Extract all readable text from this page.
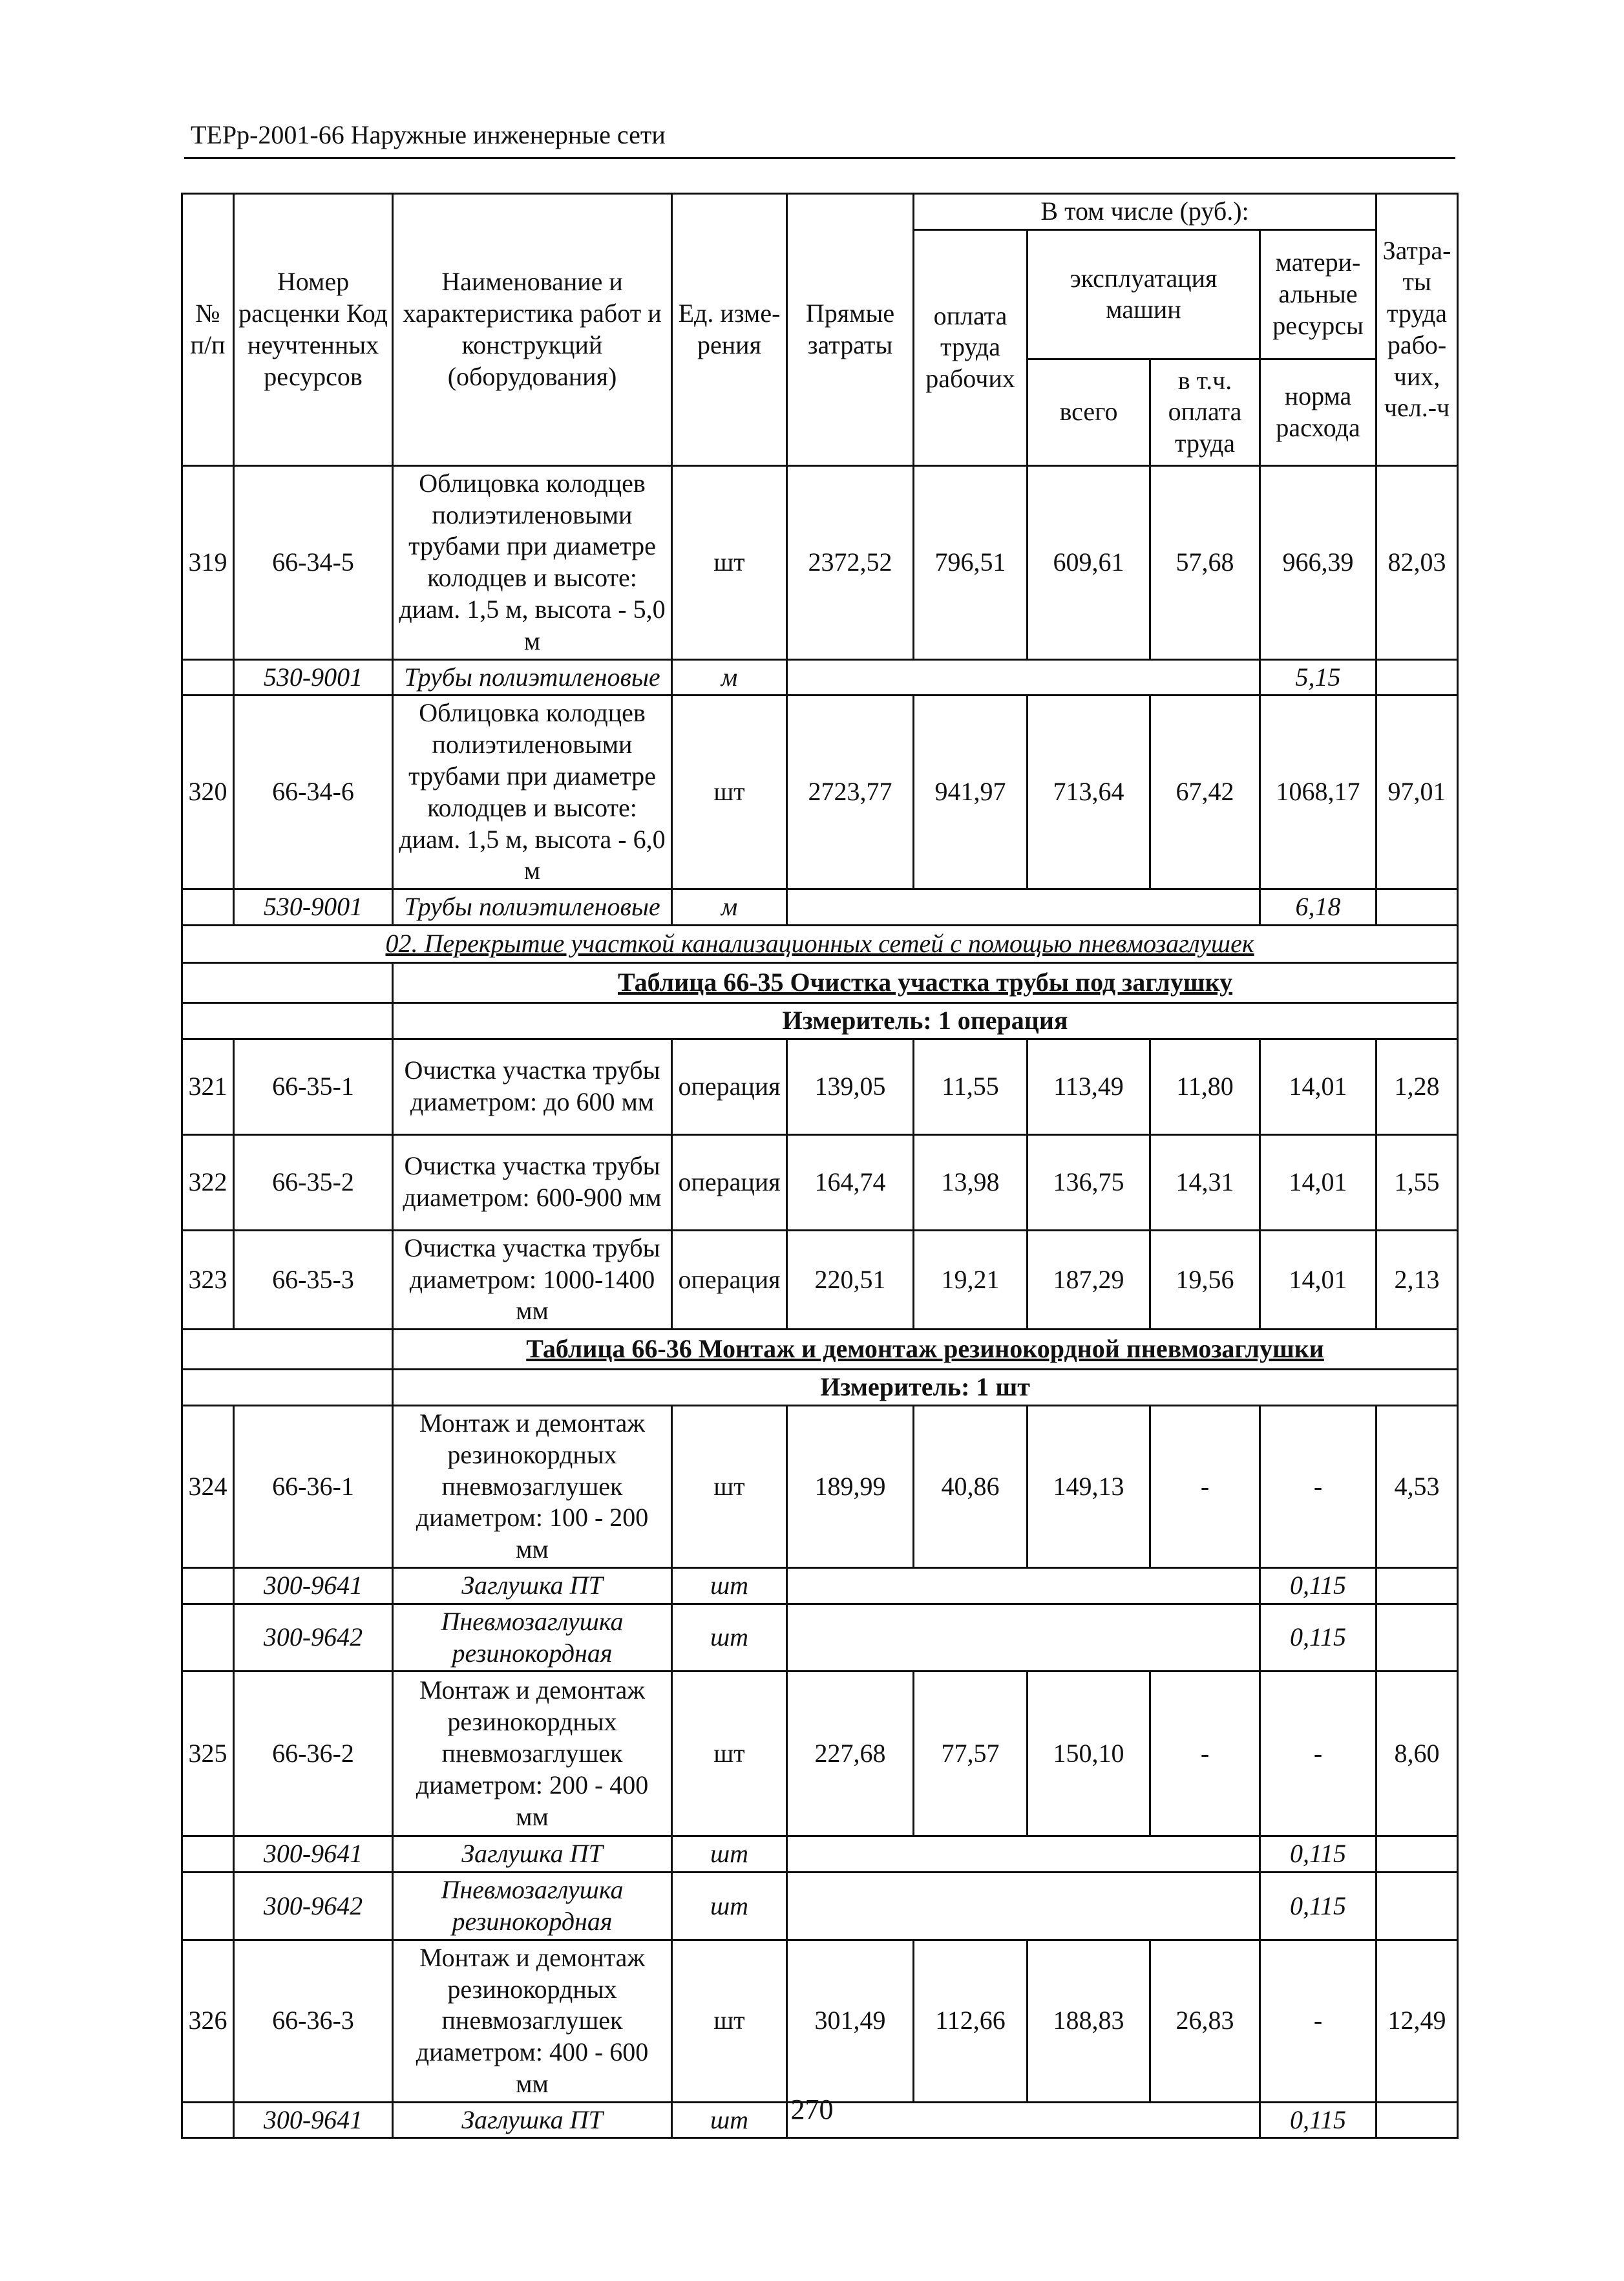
ТЕРр-2001-66 Наружные инженерные сети
№ п/п	Номер расценки Код неучтенных ресурсов	Наименование и характеристика работ и конструкций (оборудования)	Ед. изме-рения	Прямые затраты	В том числе (руб.):				Затра-ты труда рабо-чих, чел.-ч
					оплата труда рабочих	эксплуатация машин		матери-альные ресурсы	
						всего	в т.ч. оплата труда	норма расхода	
319	66-34-5	Облицовка колодцев полиэтиленовыми трубами при диаметре колодцев и высоте: диам. 1,5 м, высота - 5,0 м	шт	2372,52	796,51	609,61	57,68	966,39	82,03
	530-9001	Трубы полиэтиленовые	м					5,15	
320	66-34-6	Облицовка колодцев полиэтиленовыми трубами при диаметре колодцев и высоте: диам. 1,5 м, высота - 6,0 м	шт	2723,77	941,97	713,64	67,42	1068,17	97,01
	530-9001	Трубы полиэтиленовые	м					6,18	
02. Перекрытие участкой канализационных сетей с помощью пневмозаглушек									
		Таблица 66-35 Очистка участка трубы под заглушку							
		Измеритель: 1 операция							
321	66-35-1	Очистка участка трубы диаметром: до 600 мм	операция	139,05	11,55	113,49	11,80	14,01	1,28
322	66-35-2	Очистка участка трубы диаметром: 600-900 мм	операция	164,74	13,98	136,75	14,31	14,01	1,55
323	66-35-3	Очистка участка трубы диаметром: 1000-1400 мм	операция	220,51	19,21	187,29	19,56	14,01	2,13
		Таблица 66-36 Монтаж и демонтаж резинокордной пневмозаглушки							
		Измеритель: 1 шт							
324	66-36-1	Монтаж и демонтаж резинокордных пневмозаглушек диаметром: 100 - 200 мм	шт	189,99	40,86	149,13	-	-	4,53
	300-9641	Заглушка ПТ	шт					0,115	
	300-9642	Пневмозаглушка резинокордная	шт					0,115	
325	66-36-2	Монтаж и демонтаж резинокордных пневмозаглушек диаметром: 200 - 400 мм	шт	227,68	77,57	150,10	-	-	8,60
	300-9641	Заглушка ПТ	шт					0,115	
	300-9642	Пневмозаглушка резинокордная	шт					0,115	
326	66-36-3	Монтаж и демонтаж резинокордных пневмозаглушек диаметром: 400 - 600 мм	шт	301,49	112,66	188,83	26,83	-	12,49
	300-9641	Заглушка ПТ	шт					0,115	
270
